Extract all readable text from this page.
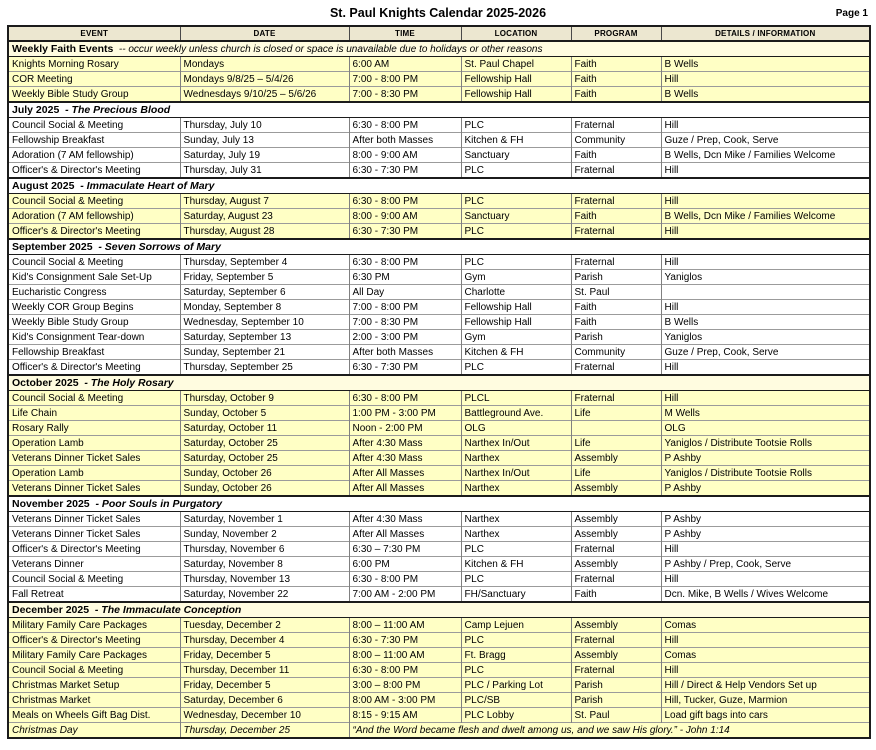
St. Paul Knights Calendar 2025-2026	Page 1
EVENT	DATE	TIME	LOCATION	PROGRAM	DETAILS / INFORMATION
Weekly Faith Events  -- occur weekly unless church is closed or space is unavailable due to holidays or other reasons					
Knights Morning Rosary	Mondays	6:00 AM	St. Paul Chapel	Faith	B Wells
COR Meeting	Mondays 9/8/25 – 5/4/26	7:00 - 8:00 PM	Fellowship Hall	Faith	Hill
Weekly Bible Study Group	Wednesdays 9/10/25 – 5/6/26	7:00 - 8:30 PM	Fellowship Hall	Faith	B Wells
July 2025  - The Precious Blood					
Council Social & Meeting	Thursday, July 10	6:30 - 8:00 PM	PLC	Fraternal	Hill
Fellowship Breakfast	Sunday, July 13	After both Masses	Kitchen & FH	Community	Guze / Prep, Cook, Serve
Adoration (7 AM fellowship)	Saturday, July 19	8:00 - 9:00 AM	Sanctuary	Faith	B Wells, Dcn Mike / Families Welcome
Officer's & Director's Meeting	Thursday, July 31	6:30 - 7:30 PM	PLC	Fraternal	Hill
August 2025  - Immaculate Heart of Mary					
Council Social & Meeting	Thursday, August 7	6:30 - 8:00 PM	PLC	Fraternal	Hill
Adoration (7 AM fellowship)	Saturday, August 23	8:00 - 9:00 AM	Sanctuary	Faith	B Wells, Dcn Mike / Families Welcome
Officer's & Director's Meeting	Thursday, August 28	6:30 - 7:30 PM	PLC	Fraternal	Hill
September 2025  - Seven Sorrows of Mary					
Council Social & Meeting	Thursday, September 4	6:30 - 8:00 PM	PLC	Fraternal	Hill
Kid's Consignment Sale Set-Up	Friday, September 5	6:30 PM	Gym	Parish	Yaniglos
Eucharistic Congress	Saturday, September 6	All Day	Charlotte	St. Paul	
Weekly COR Group Begins	Monday, September 8	7:00 - 8:00 PM	Fellowship Hall	Faith	Hill
Weekly Bible Study Group	Wednesday, September 10	7:00 - 8:30 PM	Fellowship Hall	Faith	B Wells
Kid's Consignment Tear-down	Saturday, September 13	2:00 - 3:00 PM	Gym	Parish	Yaniglos
Fellowship Breakfast	Sunday, September 21	After both Masses	Kitchen & FH	Community	Guze / Prep, Cook, Serve
Officer's & Director's Meeting	Thursday, September 25	6:30 - 7:30 PM	PLC	Fraternal	Hill
October 2025  - The Holy Rosary					
Council Social & Meeting	Thursday, October 9	6:30 - 8:00 PM	PLCL	Fraternal	Hill
Life Chain	Sunday, October 5	1:00 PM - 3:00 PM	Battleground Ave.	Life	M Wells
Rosary Rally	Saturday, October 11	Noon - 2:00 PM	OLG		OLG
Operation Lamb	Saturday, October 25	After 4:30 Mass	Narthex In/Out	Life	Yaniglos / Distribute Tootsie Rolls
Veterans Dinner Ticket Sales	Saturday, October 25	After 4:30 Mass	Narthex	Assembly	P Ashby
Operation Lamb	Sunday, October 26	After All Masses	Narthex In/Out	Life	Yaniglos / Distribute Tootsie Rolls
Veterans Dinner Ticket Sales	Sunday, October 26	After All Masses	Narthex	Assembly	P Ashby
November 2025  - Poor Souls in Purgatory					
Veterans Dinner Ticket Sales	Saturday, November 1	After 4:30 Mass	Narthex	Assembly	P Ashby
Veterans Dinner Ticket Sales	Sunday, November 2	After All Masses	Narthex	Assembly	P Ashby
Officer's & Director's Meeting	Thursday, November 6	6:30 – 7:30 PM	PLC	Fraternal	Hill
Veterans Dinner	Saturday, November 8	6:00 PM	Kitchen & FH	Assembly	P Ashby / Prep, Cook, Serve
Council Social & Meeting	Thursday, November 13	6:30 - 8:00 PM	PLC	Fraternal	Hill
Fall Retreat	Saturday, November 22	7:00 AM - 2:00 PM	FH/Sanctuary	Faith	Dcn. Mike, B Wells / Wives Welcome
December 2025  - The Immaculate Conception					
Military Family Care Packages	Tuesday, December 2	8:00 – 11:00 AM	Camp Lejuen	Assembly	Comas
Officer's & Director's Meeting	Thursday, December 4	6:30 - 7:30 PM	PLC	Fraternal	Hill
Military Family Care Packages	Friday, December 5	8:00 – 11:00 AM	Ft. Bragg	Assembly	Comas
Council Social & Meeting	Thursday, December 11	6:30 - 8:00 PM	PLC	Fraternal	Hill
Christmas Market Setup	Friday, December 5	3:00 – 8:00 PM	PLC / Parking Lot	Parish	Hill / Direct & Help Vendors Set up
Christmas Market	Saturday, December 6	8:00 AM - 3:00 PM	PLC/SB	Parish	Hill, Tucker, Guze, Marmion
Meals on Wheels Gift Bag Dist.	Wednesday, December 10	8:15 - 9:15 AM	PLC Lobby	St. Paul	Load gift bags into cars
Christmas Day	Thursday, December 25	“And the Word became flesh and dwelt among us, and we saw His glory.” - John 1:14			
